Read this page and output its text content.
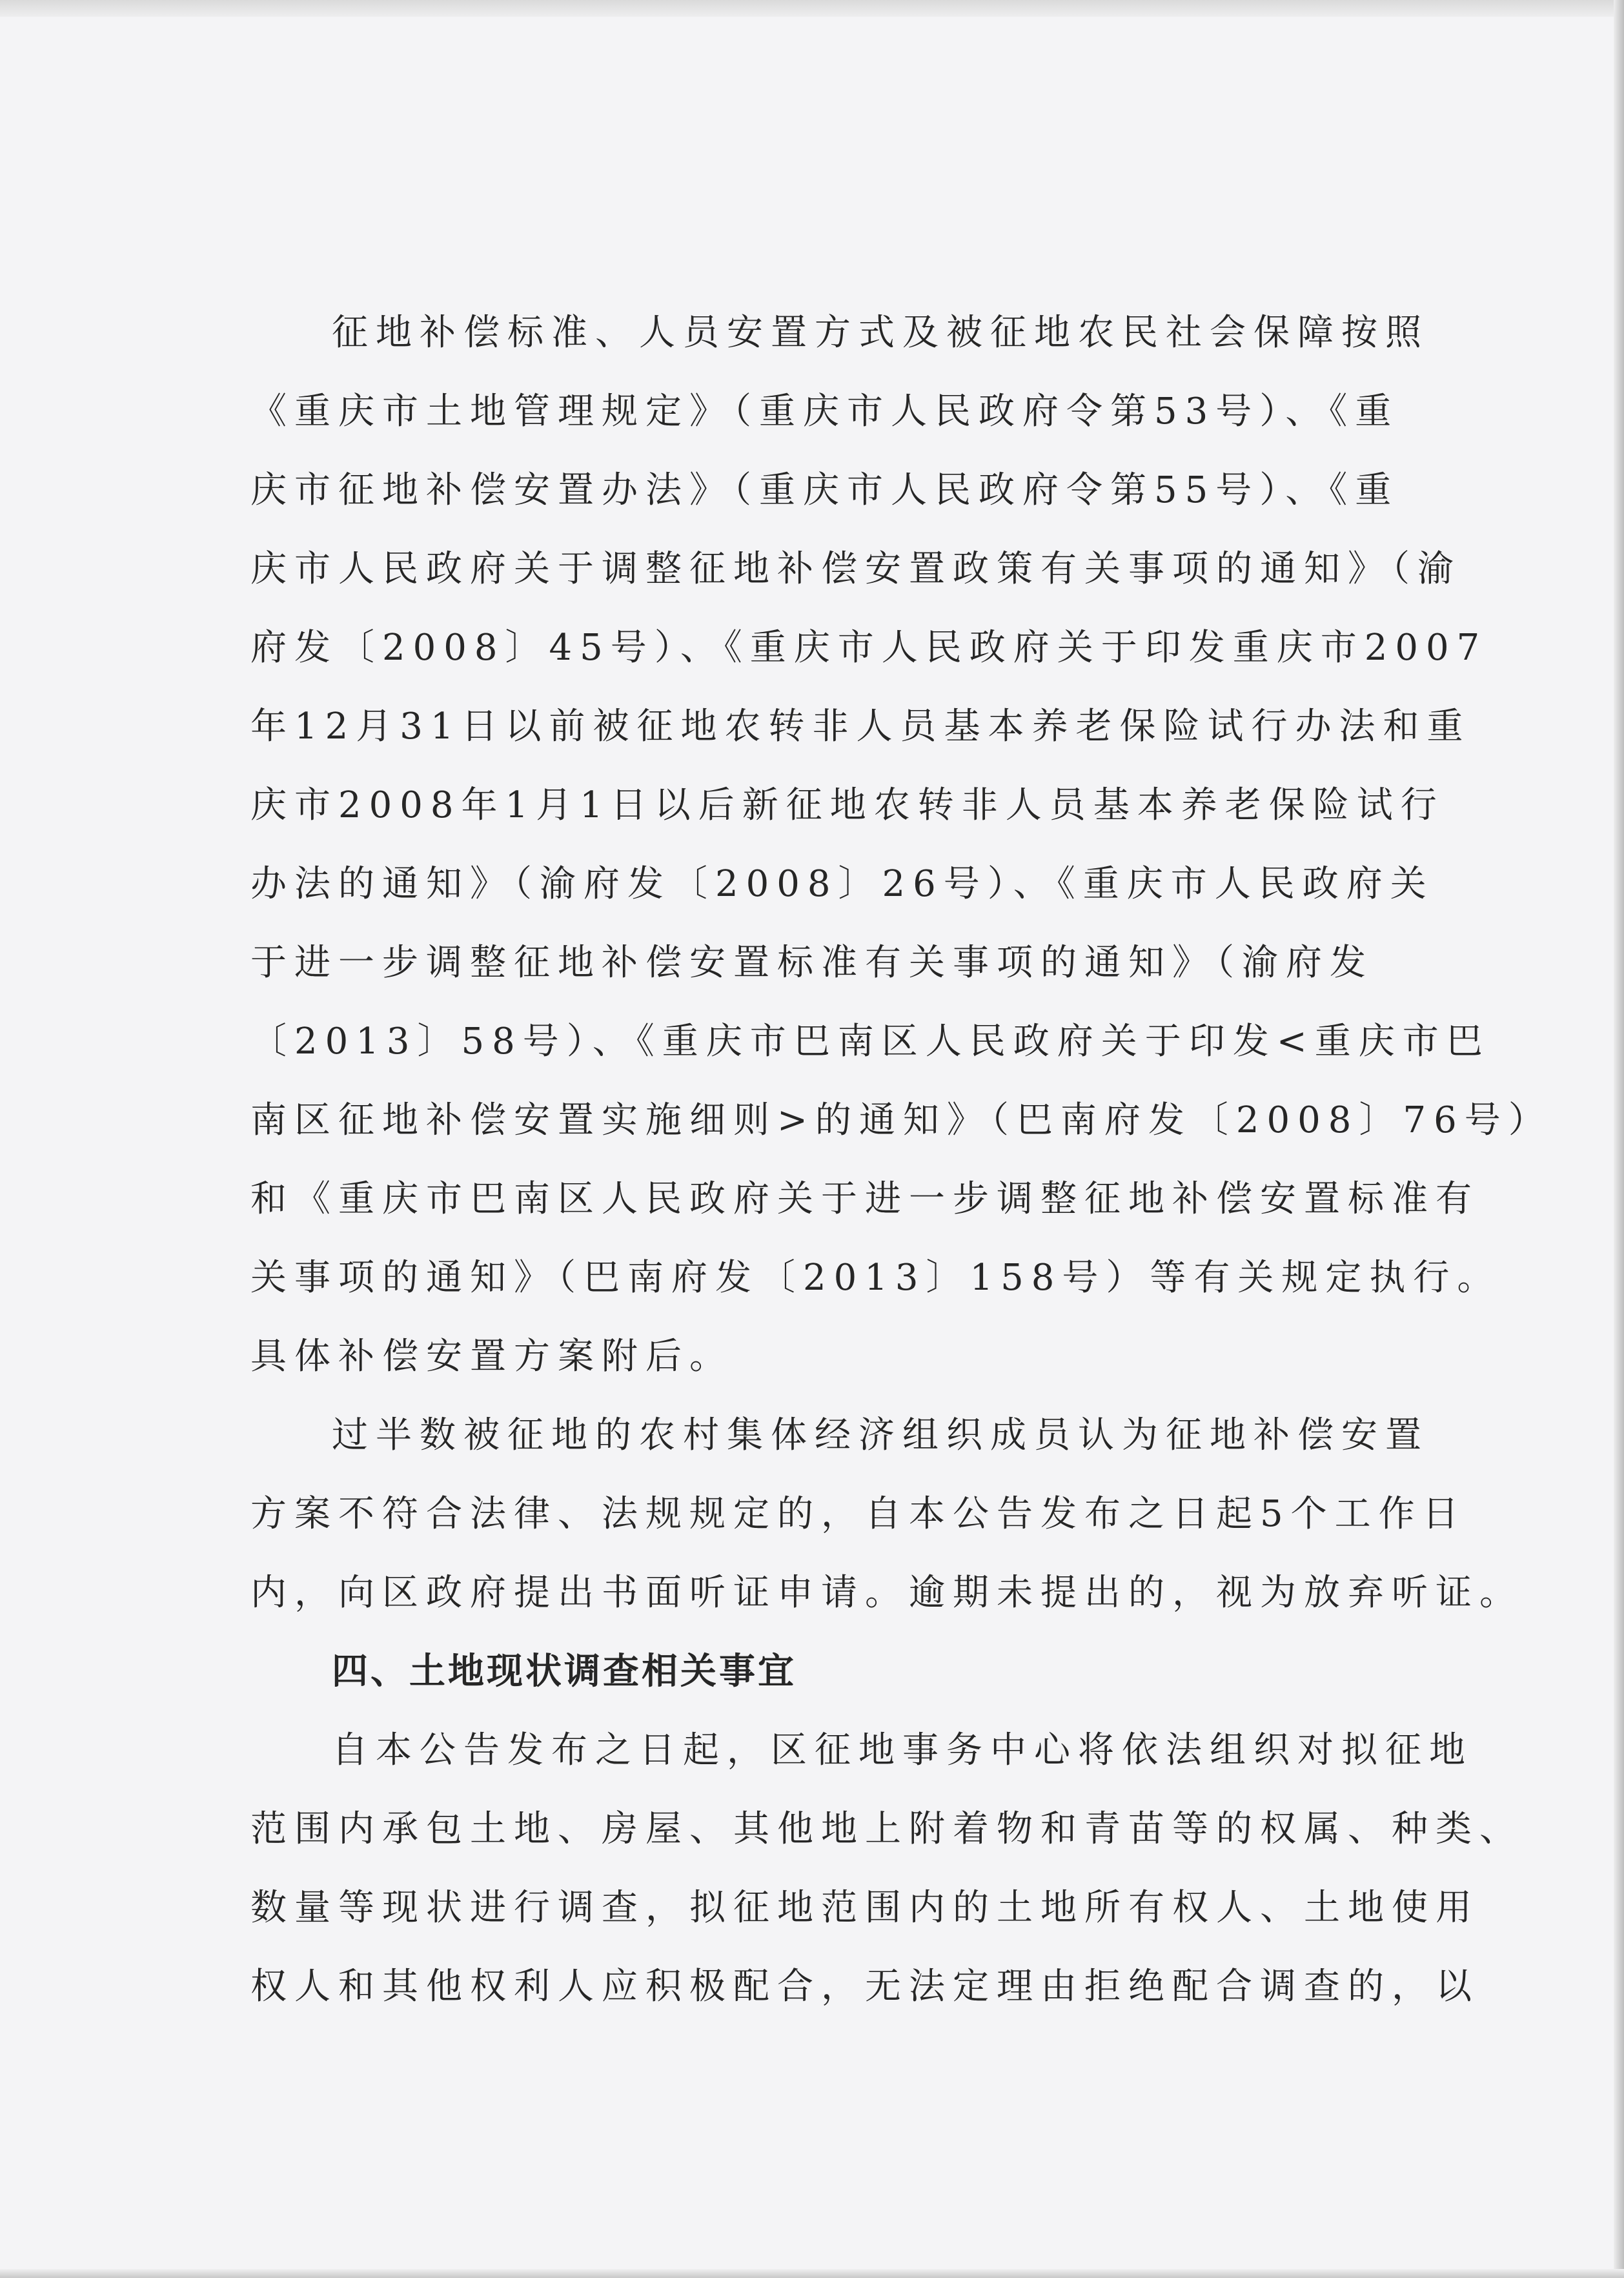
征地补偿标准、人员安置方式及被征地农民社会保障按照
《重庆市土地管理规定》（重庆市人民政府令第53号）、《重
庆市征地补偿安置办法》（重庆市人民政府令第55号）、《重
庆市人民政府关于调整征地补偿安置政策有关事项的通知》（渝
府发〔2008〕45号）、《重庆市人民政府关于印发重庆市2007
年12月31日以前被征地农转非人员基本养老保险试行办法和重
庆市2008年1月1日以后新征地农转非人员基本养老保险试行
办法的通知》（渝府发〔2008〕26号）、《重庆市人民政府关
于进一步调整征地补偿安置标准有关事项的通知》（渝府发
〔2013〕58号）、《重庆市巴南区人民政府关于印发<重庆市巴
南区征地补偿安置实施细则>的通知》（巴南府发〔2008〕76号）
和《重庆市巴南区人民政府关于进一步调整征地补偿安置标准有
关事项的通知》（巴南府发〔2013〕158号）等有关规定执行。
具体补偿安置方案附后。
过半数被征地的农村集体经济组织成员认为征地补偿安置
方案不符合法律、法规规定的，自本公告发布之日起5个工作日
内，向区政府提出书面听证申请。逾期未提出的，视为放弃听证。
四、土地现状调查相关事宜
自本公告发布之日起，区征地事务中心将依法组织对拟征地
范围内承包土地、房屋、其他地上附着物和青苗等的权属、种类、
数量等现状进行调查，拟征地范围内的土地所有权人、土地使用
权人和其他权利人应积极配合，无法定理由拒绝配合调查的，以
